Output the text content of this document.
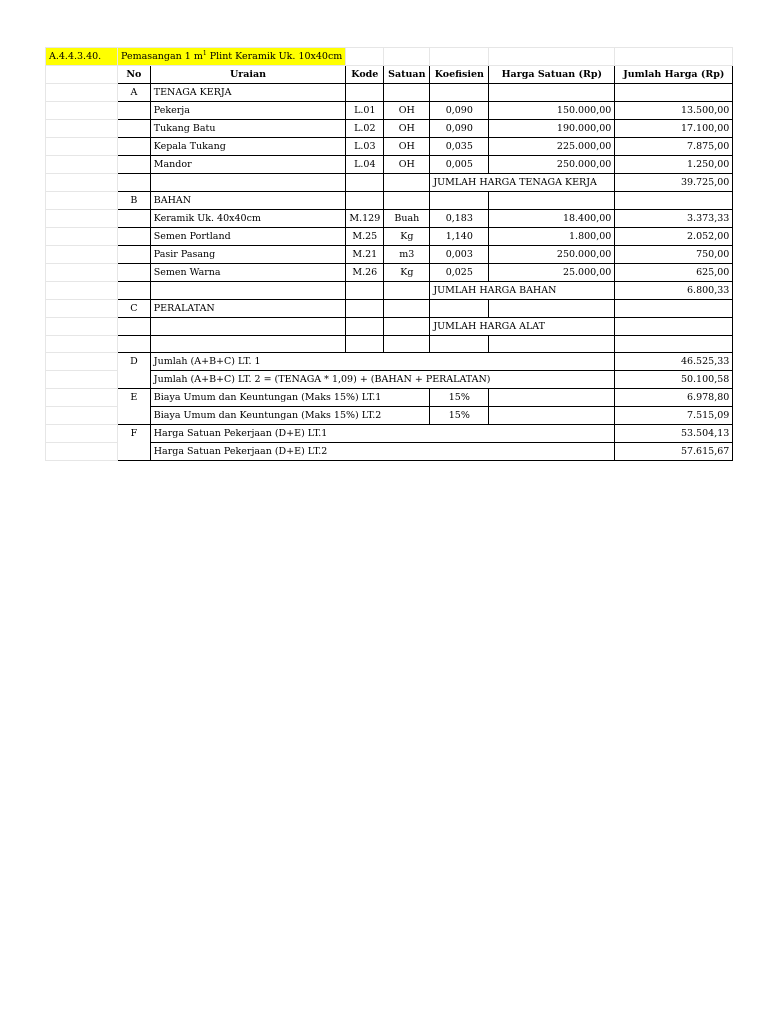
A.4.4.3.40.	Pemasangan 1 $m^1$ Plint Keramik Uk. 10x40cm						
	No	Uraian	Kode	Satuan	Koefisien	Harga Satuan (Rp)	Jumlah Harga (Rp)
	A	TENAGA KERJA					
		Pekerja	L.01	OH	0,090	150.000,00	13.500,00
		Tukang Batu	L.02	OH	0,090	190.000,00	17.100,00
		Kepala Tukang	L.03	OH	0,035	225.000,00	7.875,00
		Mandor	L.04	OH	0,005	250.000,00	1.250,00
					JUMLAH HARGA TENAGA KERJA		39.725,00
	B	BAHAN					
		Keramik Uk. 40x40cm	M.129	Buah	0,183	18.400,00	3.373,33
		Semen Portland	M.25	Kg	1,140	1.800,00	2.052,00
		Pasir Pasang	M.21	m3	0,003	250.000,00	750,00
		Semen Warna	M.26	Kg	0,025	25.000,00	625,00
					JUMLAH HARGA BAHAN		6.800,33
	C	PERALATAN					
					JUMLAH HARGA ALAT		

	D	Jumlah (A+B+C) LT. 1					46.525,33
		Jumlah (A+B+C) LT. 2 = (TENAGA * 1,09) + (BAHAN + PERALATAN)					50.100,58
	E	Biaya Umum dan Keuntungan (Maks 15%) LT.1			15%		6.978,80
		Biaya Umum dan Keuntungan (Maks 15%) LT.2			15%		7.515,09
	F	Harga Satuan Pekerjaan (D+E) LT.1					53.504,13
		Harga Satuan Pekerjaan (D+E) LT.2					57.615,67
